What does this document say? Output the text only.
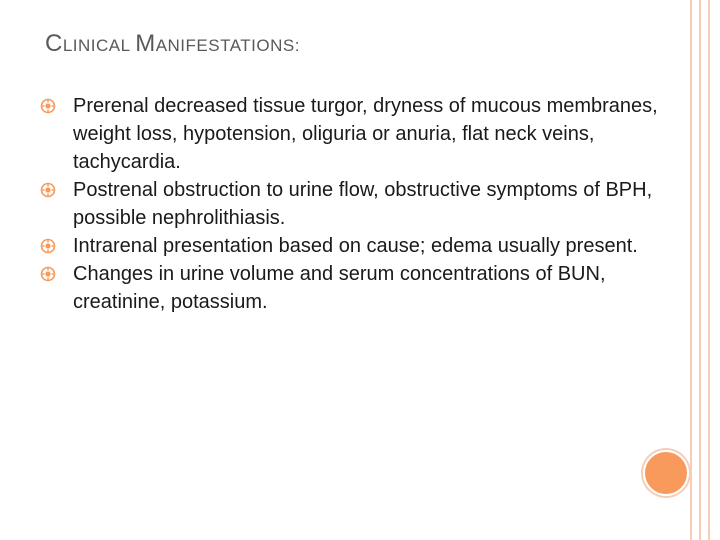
CLINICAL MANIFESTATIONS:
Prerenal decreased tissue turgor, dryness of mucous membranes, weight loss, hypotension, oliguria or anuria, flat neck veins, tachycardia.
Postrenal obstruction to urine flow, obstructive symptoms of BPH, possible nephrolithiasis.
Intrarenal presentation based on cause; edema usually present.
Changes in urine volume and serum concentrations of BUN, creatinine, potassium.
